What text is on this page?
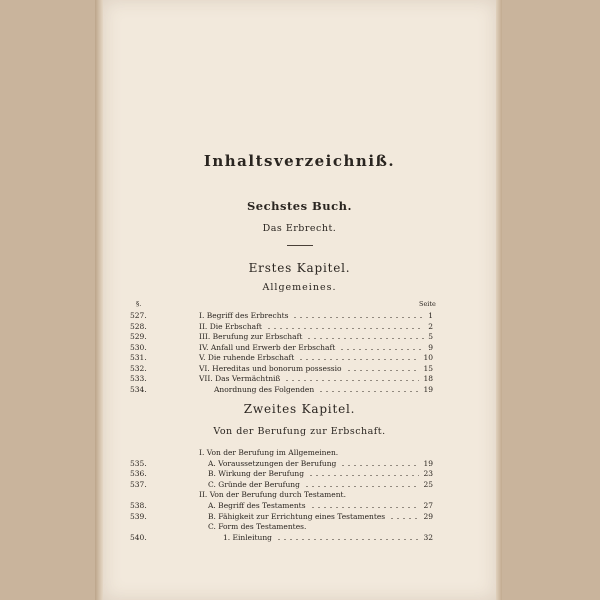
Inhaltsverzeichniß.
Sechstes Buch.
Das Erbrecht.
Erstes Kapitel.
Allgemeines.
§.	Seite
527.	I. Begriff des Erbrechts	1
528.	II. Die Erbschaft	2
529.	III. Berufung zur Erbschaft	5
530.	IV. Anfall und Erwerb der Erbschaft	9
531.	V. Die ruhende Erbschaft	10
532.	VI. Hereditas und bonorum possessio	15
533.	VII. Das Vermächtniß	18
534.	Anordnung des Folgenden	19
Zweites Kapitel.
Von der Berufung zur Erbschaft.
I. Von der Berufung im Allgemeinen.
535.	A. Voraussetzungen der Berufung	19
536.	B. Wirkung der Berufung	23
537.	C. Gründe der Berufung	25
II. Von der Berufung durch Testament.
538.	A. Begriff des Testaments	27
539.	B. Fähigkeit zur Errichtung eines Testamentes	29
C. Form des Testamentes.
540.	1. Einleitung	32
